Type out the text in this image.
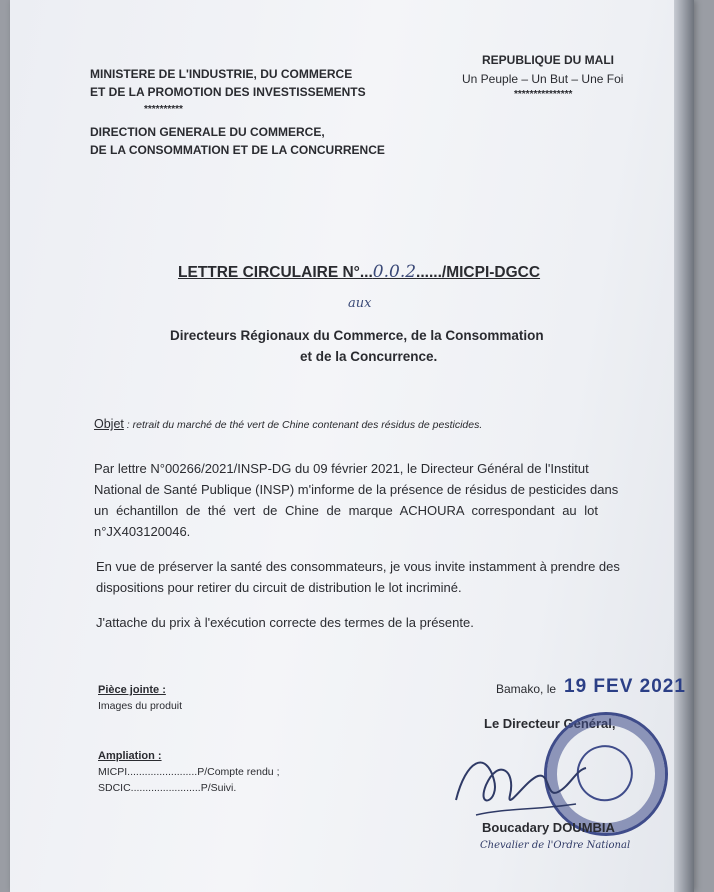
MINISTERE DE L'INDUSTRIE, DU COMMERCE
ET DE LA PROMOTION DES INVESTISSEMENTS
**********
DIRECTION GENERALE DU COMMERCE,
DE LA CONSOMMATION ET DE LA CONCURRENCE
REPUBLIQUE DU MALI
Un Peuple – Un But – Une Foi
***************
LETTRE CIRCULAIRE N°...0.0.2....../MICPI-DGCC
aux
Directeurs Régionaux du Commerce, de la Consommation
et de la Concurrence.
Objet : retrait du marché de thé vert de Chine contenant des résidus de pesticides.
Par lettre N°00266/2021/INSP-DG du 09 février 2021, le Directeur Général de l'Institut
National de Santé Publique (INSP) m'informe de la présence de résidus de pesticides dans
un échantillon de thé vert de Chine de marque ACHOURA correspondant au lot
n°JX403120046.
En vue de préserver la santé des consommateurs, je vous invite instamment à prendre des
dispositions pour retirer du circuit de distribution le lot incriminé.
J'attache du prix à l'exécution correcte des termes de la présente.
Bamako, le 19 FEV 2021
Pièce jointe :
Images du produit
Ampliation :
MICPI........................P/Compte rendu ;
SDCIC........................P/Suivi.
Le Directeur Général,
Boucadary DOUMBIA
Chevalier de l'Ordre National
